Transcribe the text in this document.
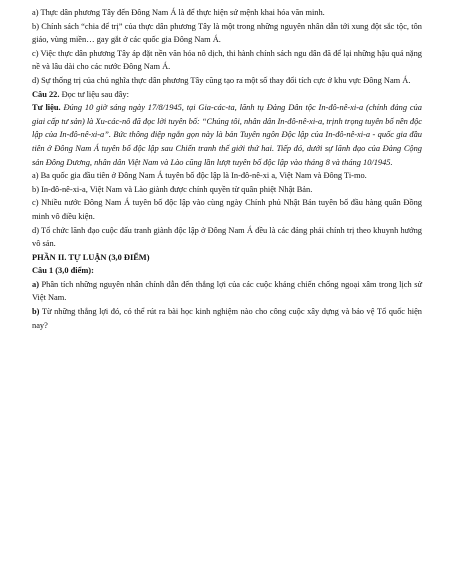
a) Thực dân phương Tây đến Đông Nam Á là để thực hiện sứ mệnh khai hóa văn minh.

b) Chính sách “chia để trị” của thực dân phương Tây là một trong những nguyên nhân dẫn tới xung đột sắc tộc, tôn giáo, vùng miền… gay gắt ở các quốc gia Đông Nam Á.

c) Việc thực dân phương Tây áp đặt nền văn hóa nô dịch, thi hành chính sách ngu dân đã để lại những hậu quả nặng nề và lâu dài cho các nước Đông Nam Á.

d) Sự thống trị của chủ nghĩa thực dân phương Tây cũng tạo ra một số thay đổi tích cực ở khu vực Đông Nam Á.

Câu 22. Đọc tư liệu sau đây:

Tư liệu. Đúng 10 giờ sáng ngày 17/8/1945, tại Gia-các-ta, lãnh tụ Đảng Dân tộc In-đô-nê-xi-a (chính đảng của giai cấp tư sản) là Xu-các-nô đã đọc lời tuyên bố: “Chúng tôi, nhân dân In-đô-nê-xi-a, trịnh trọng tuyên bố nền độc lập của In-đô-nê-xi-a”. Bức thông điệp ngắn gọn này là bản Tuyên ngôn Độc lập của In-đô-nê-xi-a - quốc gia đầu tiên ở Đông Nam Á tuyên bố độc lập sau Chiến tranh thế giới thứ hai. Tiếp đó, dưới sự lãnh đạo của Đảng Cộng sản Đông Dương, nhân dân Việt Nam và Lào cũng lần lượt tuyên bố độc lập vào tháng 8 và tháng 10/1945.

a) Ba quốc gia đầu tiên ở Đông Nam Á tuyên bố độc lập là In-đô-nê-xi a, Việt Nam và Đông Ti-mo.

b) In-đô-nê-xi-a, Việt Nam và Lào giành được chính quyền từ quân phiệt Nhật Bản.

c) Nhiều nước Đông Nam Á tuyên bố độc lập vào cùng ngày Chính phủ Nhật Bản tuyên bố đầu hàng quân Đồng minh vô điều kiện.

d) Tổ chức lãnh đạo cuộc đấu tranh giành độc lập ở Đông Nam Á đều là các đảng phái chính trị theo khuynh hướng vô sản.

PHẦN II. TỰ LUẬN (3,0 ĐIỂM)

Câu 1 (3,0 điểm):

a) Phân tích những nguyên nhân chính dẫn đến thắng lợi của các cuộc kháng chiến chống ngoại xâm trong lịch sử Việt Nam.

b) Từ những thắng lợi đó, có thể rút ra bài học kinh nghiệm nào cho công cuộc xây dựng và bảo vệ Tổ quốc hiện nay?
